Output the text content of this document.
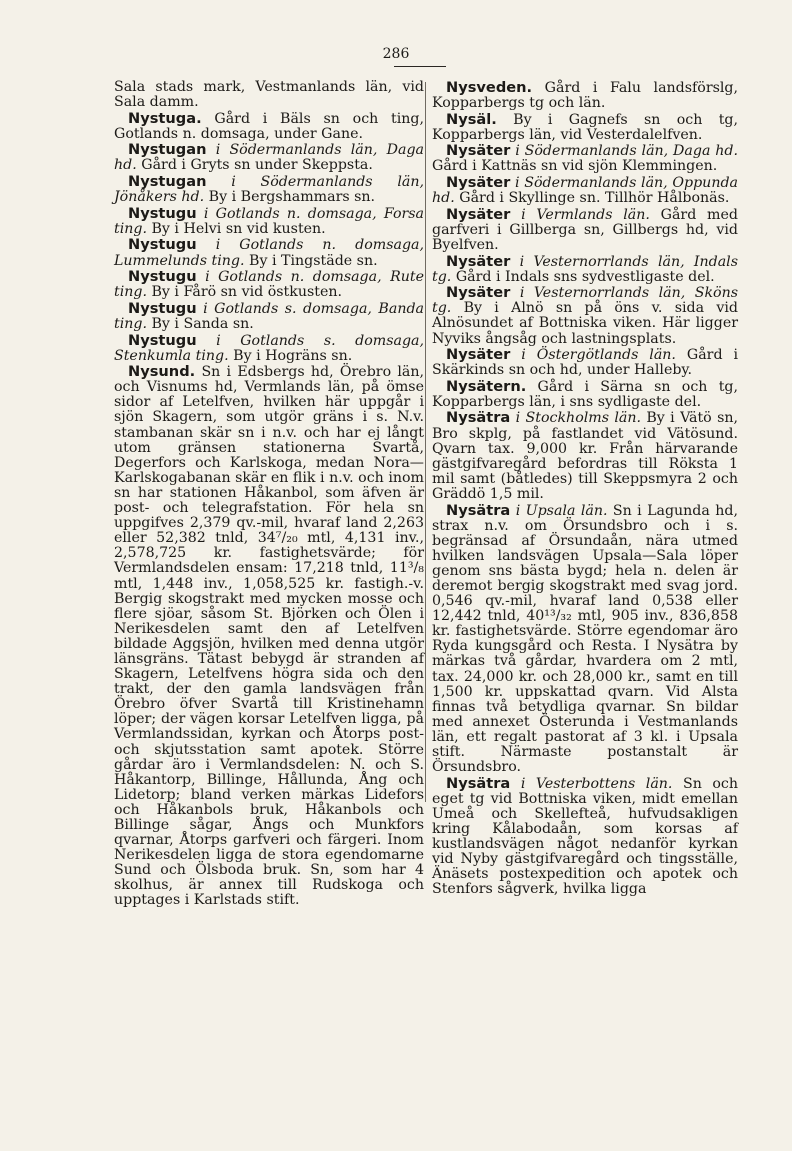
286

Sala stads mark, Vestmanlands län, vid Sala damm.

Nystuga. Gård i Bäls sn och ting, Gotlands n. domsaga, under Gane.

Nystugan i Södermanlands län, Daga hd. Gård i Gryts sn under Skeppsta.

Nystugan i Södermanlands län, Jönåkers hd. By i Bergshammars sn.

Nystugu i Gotlands n. domsaga, Forsa ting. By i Helvi sn vid kusten.

Nystugu i Gotlands n. domsaga, Lummelunds ting. By i Tingstäde sn.

Nystugu i Gotlands n. domsaga, Rute ting. By i Fårö sn vid östkusten.

Nystugu i Gotlands s. domsaga, Banda ting. By i Sanda sn.

Nystugu i Gotlands s. domsaga, Stenkumla ting. By i Hogräns sn.

Nysund. Sn i Edsbergs hd, Örebro län, och Visnums hd, Vermlands län, på ömse sidor af Letelfven, hvilken här uppgår i sjön Skagern, som utgör gräns i s. N.v. stambanan skär sn i n.v. och har ej långt utom gränsen stationerna Svartå, Degerfors och Karlskoga, medan Nora—Karlskogabanan skär en flik i n.v. och inom sn har stationen Håkanbol, som äfven är post- och telegrafstation. För hela sn uppgifves 2,379 qv.-mil, hvaraf land 2,263 eller 52,382 tnld, 34⁷/₂₀ mtl, 4,131 inv., 2,578,725 kr. fastighetsvärde; för Vermlandsdelen ensam: 17,218 tnld, 11³/₈ mtl, 1,448 inv., 1,058,525 kr. fastigh.-v. Bergig skogstrakt med mycken mosse och flere sjöar, såsom St. Björken och Ölen i Nerikesdelen samt den af Letelfven bildade Aggsjön, hvilken med denna utgör länsgräns. Tätast bebygd är stranden af Skagern, Letelfvens högra sida och den trakt, der den gamla landsvägen från Örebro öfver Svartå till Kristinehamn löper; der vägen korsar Letelfven ligga, på Vermlandssidan, kyrkan och Åtorps post- och skjutsstation samt apotek. Större gårdar äro i Vermlandsdelen: N. och S. Håkantorp, Billinge, Hållunda, Ång och Lidetorp; bland verken märkas Lidefors och Håkanbols bruk, Håkanbols och Billinge sågar, Ångs och Munkfors qvarnar, Åtorps garfveri och färgeri. Inom Nerikesdelen ligga de stora egendomarne Sund och Ölsboda bruk. Sn, som har 4 skolhus, är annex till Rudskoga och upptages i Karlstads stift.

Nysveden. Gård i Falu landsförslg, Kopparbergs tg och län.

Nysäl. By i Gagnefs sn och tg, Kopparbergs län, vid Vesterdalelfven.

Nysäter i Södermanlands län, Daga hd. Gård i Kattnäs sn vid sjön Klemmingen.

Nysäter i Södermanlands län, Oppunda hd. Gård i Skyllinge sn. Tillhör Hålbonäs.

Nysäter i Vermlands län. Gård med garfveri i Gillberga sn, Gillbergs hd, vid Byelfven.

Nysäter i Vesternorrlands län, Indals tg. Gård i Indals sns sydvestligaste del.

Nysäter i Vesternorrlands län, Sköns tg. By i Alnö sn på öns v. sida vid Alnösundet af Bottniska viken. Här ligger Nyviks ångsåg och lastningsplats.

Nysäter i Östergötlands län. Gård i Skärkinds sn och hd, under Halleby.

Nysätern. Gård i Särna sn och tg, Kopparbergs län, i sns sydligaste del.

Nysätra i Stockholms län. By i Vätö sn, Bro skplg, på fastlandet vid Vätösund. Qvarn tax. 9,000 kr. Från härvarande gästgifvaregård befordras till Röksta 1 mil samt (båtledes) till Skeppsmyra 2 och Gräddö 1,5 mil.

Nysätra i Upsala län. Sn i Lagunda hd, strax n.v. om Örsundsbro och i s. begränsad af Örsundaån, nära utmed hvilken landsvägen Upsala—Sala löper genom sns bästa bygd; hela n. delen är deremot bergig skogstrakt med svag jord. 0,546 qv.-mil, hvaraf land 0,538 eller 12,442 tnld, 40¹³/₃₂ mtl, 905 inv., 836,858 kr. fastighetsvärde. Större egendomar äro Ryda kungsgård och Resta. I Nysätra by märkas två gårdar, hvardera om 2 mtl, tax. 24,000 kr. och 28,000 kr., samt en till 1,500 kr. uppskattad qvarn. Vid Alsta finnas två betydliga qvarnar. Sn bildar med annexet Österunda i Vestmanlands län, ett regalt pastorat af 3 kl. i Upsala stift. Närmaste postanstalt är Örsundsbro.

Nysätra i Vesterbottens län. Sn och eget tg vid Bottniska viken, midt emellan Umeå och Skellefteå, hufvudsakligen kring Kålabodaån, som korsas af kustlandsvägen något nedanför kyrkan vid Nyby gästgifvaregård och tingsställe, Änäsets postexpedition och apotek och Stenfors sågverk, hvilka ligga
